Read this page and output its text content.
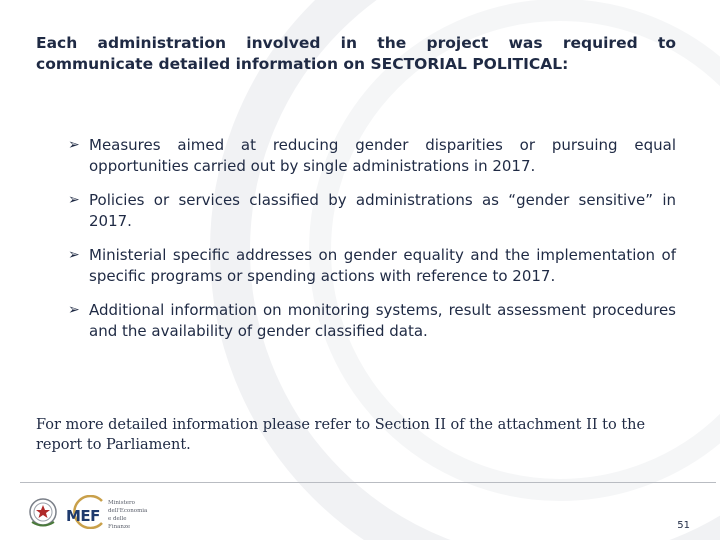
Each administration involved in the project was required to communicate detailed information on SECTORIAL POLITICAL:
➢ Measures aimed at reducing gender disparities or pursuing equal opportunities carried out by single administrations in 2017.
➢ Policies or services classified by administrations as “gender sensitive” in 2017.
➢ Ministerial specific addresses on gender equality and the implementation of specific programs or spending actions with reference to 2017.
➢ Additional information on monitoring systems, result assessment procedures and the availability of gender classified data.
For more detailed information please refer to Section II of the attachment II to the report to Parliament.
MEF
Ministero
dell'Economia
e delle Finanze	51
